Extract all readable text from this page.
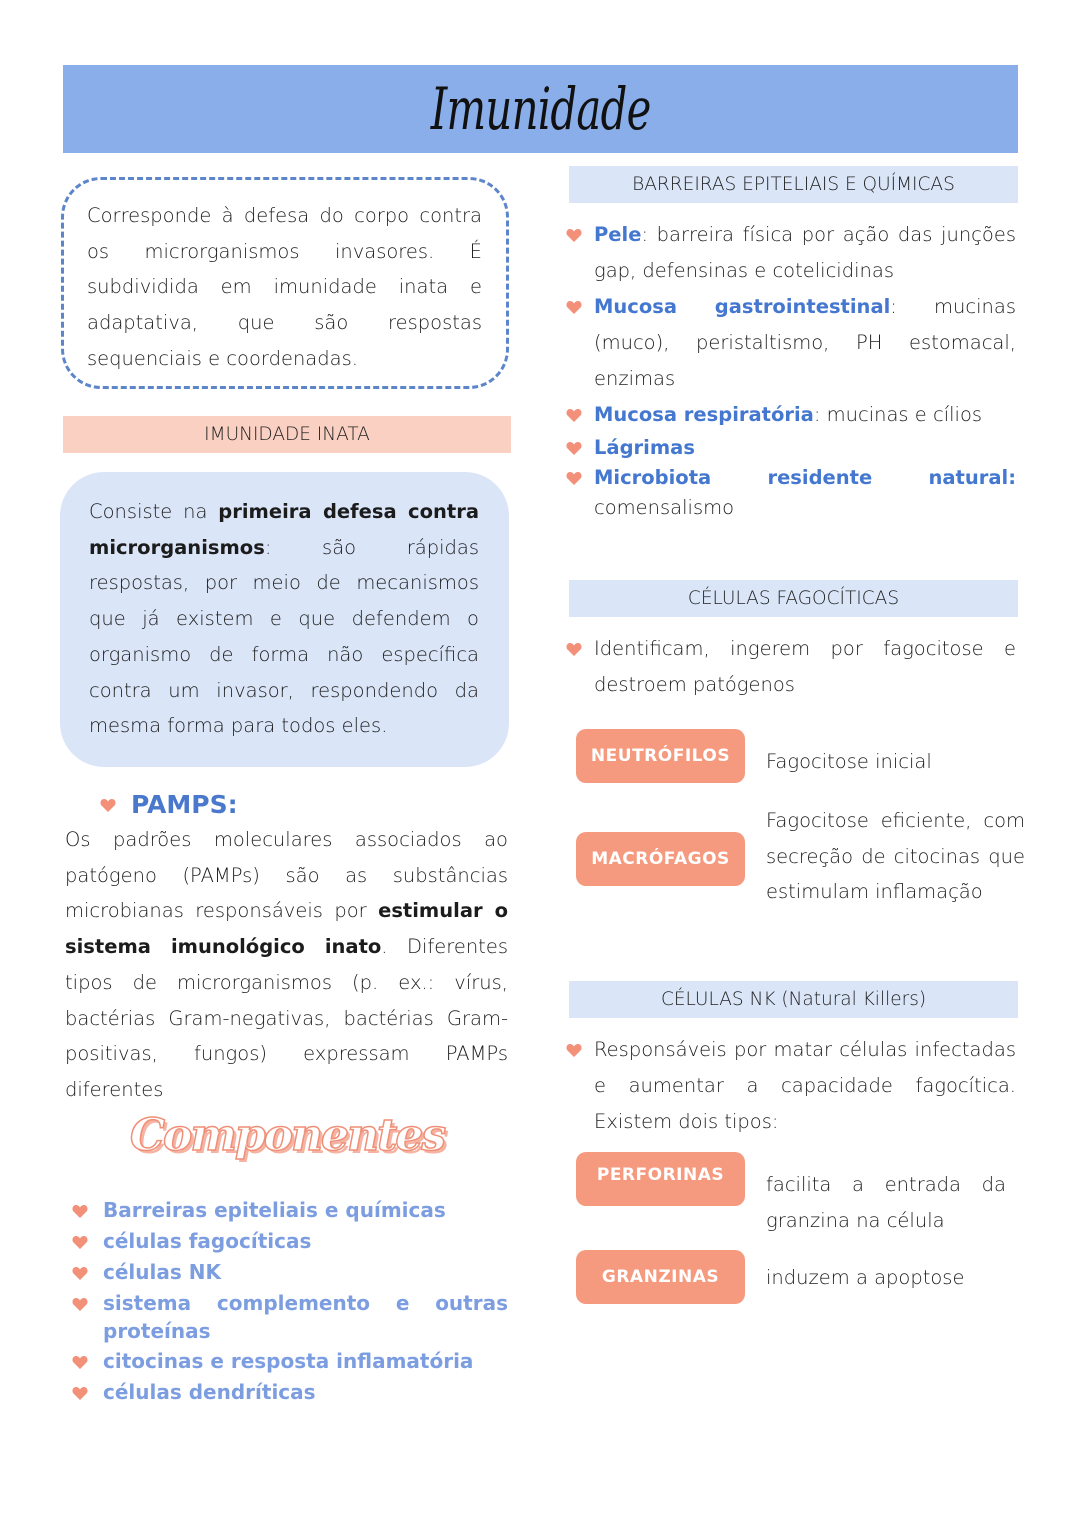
Imunidade

Corresponde à defesa do corpo contra os microrganismos invasores. É subdividida em imunidade inata e adaptativa, que são respostas sequenciais e coordenadas.

IMUNIDADE INATA

Consiste na primeira defesa contra microrganismos: são rápidas respostas, por meio de mecanismos que já existem e que defendem o organismo de forma não específica contra um invasor, respondendo da mesma forma para todos eles.

PAMPS:

Os padrões moleculares associados ao patógeno (PAMPs) são as substâncias microbianas responsáveis por estimular o sistema imunológico inato. Diferentes tipos de microrganismos (p. ex.: vírus, bactérias Gram-negativas, bactérias Gram-positivas, fungos) expressam PAMPs diferentes

Componentes
Barreiras epiteliais e químicas
células fagocíticas
células NK
sistema complemento e outras proteínas
citocinas e resposta inflamatória
células dendríticas
BARREIRAS EPITELIAIS E QUÍMICAS
Pele: barreira física por ação das junções gap, defensinas e cotelicidinas
Mucosa gastrointestinal: mucinas (muco), peristaltismo, PH estomacal, enzimas
Mucosa respiratória: mucinas e cílios
Lágrimas
Microbiota residente natural: comensalismo
CÉLULAS FAGOCÍTICAS
Identificam, ingerem por fagocitose e destroem patógenos
NEUTRÓFILOS Fagocitose inicial
MACRÓFAGOS
Fagocitose eficiente, com secreção de citocinas que estimulam inflamação
CÉLULAS NK (Natural Killers)
Responsáveis por matar células infectadas e aumentar a capacidade fagocítica. Existem dois tipos:
PERFORINAS facilita a entrada da granzina na célula
GRANZINAS induzem a apoptose
